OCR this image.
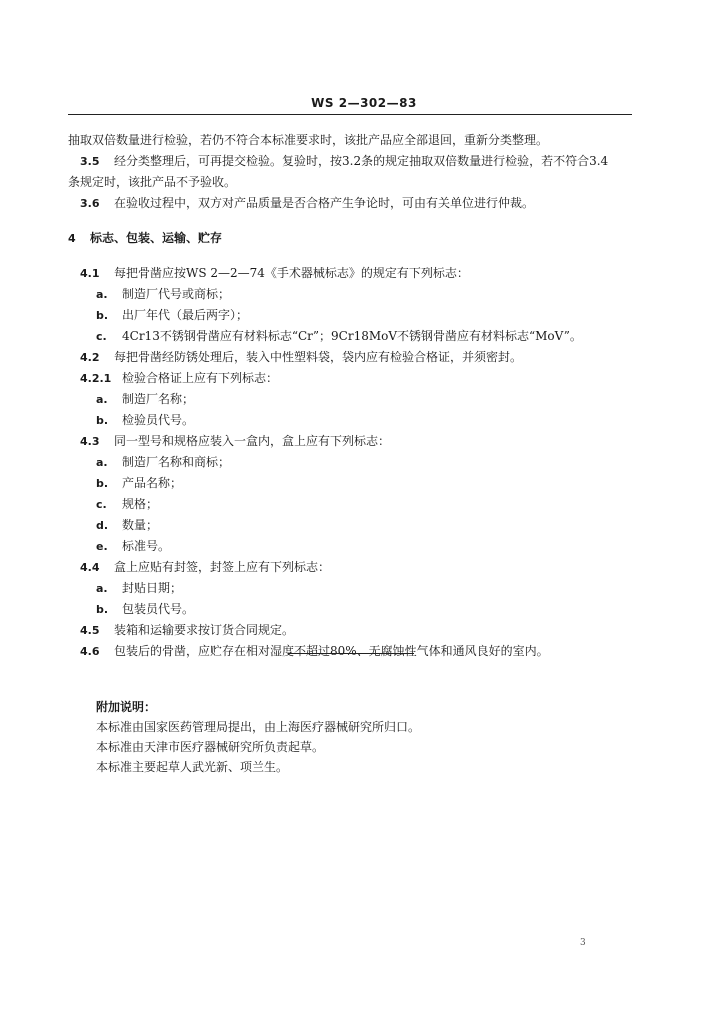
WS 2—302—83
抽取双倍数量进行检验，若仍不符合本标准要求时，该批产品应全部退回，重新分类整理。
3.5 经分类整理后，可再提交检验。复验时，按3.2条的规定抽取双倍数量进行检验，若不符合3.4
条规定时，该批产品不予验收。
3.6 在验收过程中，双方对产品质量是否合格产生争论时，可由有关单位进行仲裁。
4 标志、包装、运输、贮存
4.1 每把骨凿应按WS 2—2—74《手术器械标志》的规定有下列标志：
a. 制造厂代号或商标；
b. 出厂年代（最后两字）；
c. 4Cr13不锈钢骨凿应有材料标志“Cr”；9Cr18MoV不锈钢骨凿应有材料标志“MoV”。
4.2 每把骨凿经防锈处理后，装入中性塑料袋，袋内应有检验合格证，并须密封。
4.2.1 检验合格证上应有下列标志：
a. 制造厂名称；
b. 检验员代号。
4.3 同一型号和规格应装入一盒内，盒上应有下列标志：
a. 制造厂名称和商标；
b. 产品名称；
c. 规格；
d. 数量；
e. 标准号。
4.4 盒上应贴有封签，封签上应有下列标志：
a. 封贴日期；
b. 包装员代号。
4.5 装箱和运输要求按订货合同规定。
4.6 包装后的骨凿，应贮存在相对湿度不超过80%、无腐蚀性气体和通风良好的室内。
附加说明：
本标准由国家医药管理局提出，由上海医疗器械研究所归口。
本标准由天津市医疗器械研究所负责起草。
本标准主要起草人武光新、项兰生。
3
